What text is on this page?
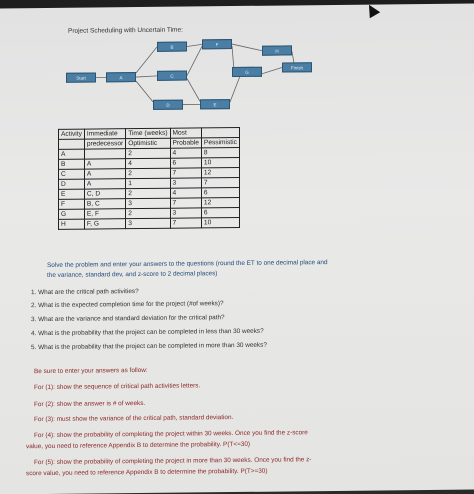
Project Scheduling with Uncertain Time:
Start	A
B
C
D	E
F
G
H
Finish
Activity	Immediate	Time (weeks)	Most	
	predecessor	Optimistic	Probable	Pessimistic
A		2	4	8
B	A	4	6	10
C	A	2	7	12
D	A	1	3	7
E	C, D	2	4	6
F	B, C	3	7	12
G	E, F	2	3	6
H	F, G	3	7	10
Solve the problem and enter your answers to the questions (round the ET to one decimal place and
the variance, standard dev, and z-score to 2 decimal places)
1. What are the critical path activities?
2. What is the expected completion time for the project (#of weeks)?
3. What are the variance and standard deviation for the critical path?
4. What is the probability that the project can be completed in less than 30 weeks?
5. What is the probability that the project can be completed in more than 30 weeks?
Be sure to enter your answers as follow:
For (1): show the sequence of critical path activities letters.
For (2): show the answer is # of weeks.
For (3): must show the variance of the critical path, standard deviation.
For (4): show the probability of completing the project within 30 weeks. Once you find the z-score
value, you need to reference Appendix B to determine the probability. P(T<=30)
For (5): show the probability of completing the project in more than 30 weeks. Once you find the z-
score value, you need to reference Appendix B to determine the probability. P(T>=30)
